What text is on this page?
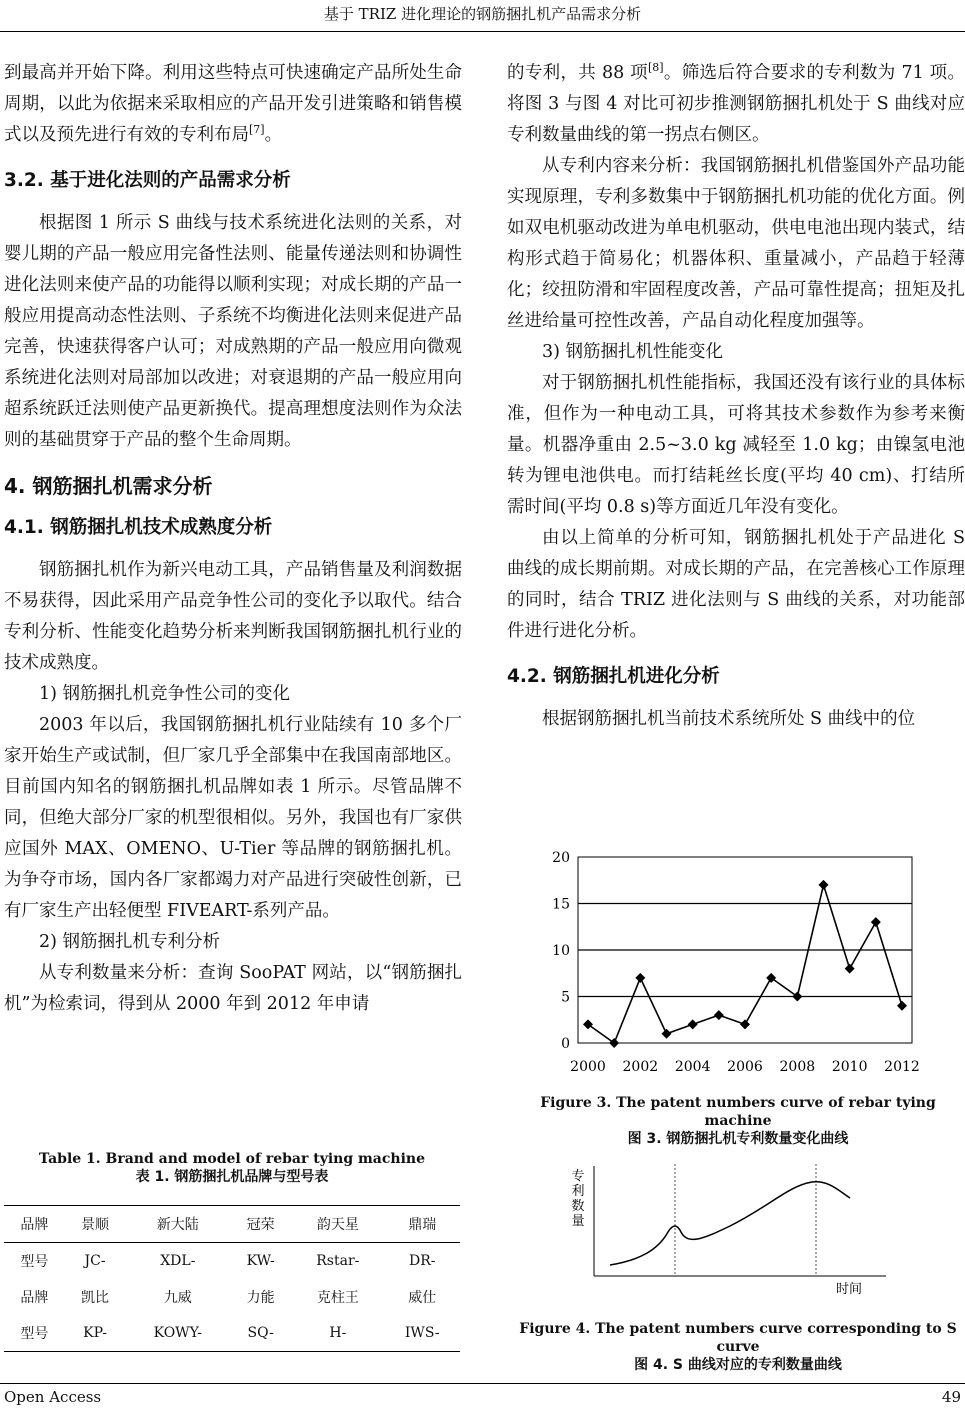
基于 TRIZ 进化理论的钢筋捆扎机产品需求分析

到最高并开始下降。利用这些特点可快速确定产品所处生命周期，以此为依据来采取相应的产品开发引进策略和销售模式以及预先进行有效的专利布局[7]。

3.2. 基于进化法则的产品需求分析

根据图 1 所示 S 曲线与技术系统进化法则的关系，对婴儿期的产品一般应用完备性法则、能量传递法则和协调性进化法则来使产品的功能得以顺利实现；对成长期的产品一般应用提高动态性法则、子系统不均衡进化法则来促进产品完善，快速获得客户认可；对成熟期的产品一般应用向微观系统进化法则对局部加以改进；对衰退期的产品一般应用向超系统跃迁法则使产品更新换代。提高理想度法则作为众法则的基础贯穿于产品的整个生命周期。

4. 钢筋捆扎机需求分析
4.1. 钢筋捆扎机技术成熟度分析

钢筋捆扎机作为新兴电动工具，产品销售量及利润数据不易获得，因此采用产品竞争性公司的变化予以取代。结合专利分析、性能变化趋势分析来判断我国钢筋捆扎机行业的技术成熟度。

1) 钢筋捆扎机竞争性公司的变化

2003 年以后，我国钢筋捆扎机行业陆续有 10 多个厂家开始生产或试制，但厂家几乎全部集中在我国南部地区。目前国内知名的钢筋捆扎机品牌如表 1 所示。尽管品牌不同，但绝大部分厂家的机型很相似。另外，我国也有厂家供应国外 MAX、OMENO、U-Tier 等品牌的钢筋捆扎机。为争夺市场，国内各厂家都竭力对产品进行突破性创新，已有厂家生产出轻便型 FIVEART-系列产品。

2) 钢筋捆扎机专利分析

从专利数量来分析：查询 SooPAT 网站，以“钢筋捆扎机”为检索词，得到从 2000 年到 2012 年申请

Table 1. Brand and model of rebar tying machine
表 1. 钢筋捆扎机品牌与型号表
品牌	景顺	新大陆	冠荣	韵天星	鼎瑞
型号	JC-	XDL-	KW-	Rstar-	DR-
品牌	凯比	九威	力能	克柱王	威仕
型号	KP-	KOWY-	SQ-	H-	IWS-

的专利，共 88 项[8]。筛选后符合要求的专利数为 71 项。将图 3 与图 4 对比可初步推测钢筋捆扎机处于 S 曲线对应专利数量曲线的第一拐点右侧区。

从专利内容来分析：我国钢筋捆扎机借鉴国外产品功能实现原理，专利多数集中于钢筋捆扎机功能的优化方面。例如双电机驱动改进为单电机驱动，供电电池出现内装式，结构形式趋于简易化；机器体积、重量减小，产品趋于轻薄化；绞扭防滑和牢固程度改善，产品可靠性提高；扭矩及扎丝进给量可控性改善，产品自动化程度加强等。

3) 钢筋捆扎机性能变化

对于钢筋捆扎机性能指标，我国还没有该行业的具体标准，但作为一种电动工具，可将其技术参数作为参考来衡量。机器净重由 2.5~3.0 kg 减轻至 1.0 kg；由镍氢电池转为锂电池供电。而打结耗丝长度(平均 40 cm)、打结所需时间(平均 0.8 s)等方面近几年没有变化。

由以上简单的分析可知，钢筋捆扎机处于产品进化 S 曲线的成长期前期。对成长期的产品，在完善核心工作原理的同时，结合 TRIZ 进化法则与 S 曲线的关系，对功能部件进行进化分析。

4.2. 钢筋捆扎机进化分析

根据钢筋捆扎机当前技术系统所处 S 曲线中的位

0
5
10
15
20
2000 2002 2004 2006 2008 2010 2012
Figure 3. The patent numbers curve of rebar tying machine
图 3. 钢筋捆扎机专利数量变化曲线
专利数量
时间
Figure 4. The patent numbers curve corresponding to S curve
图 4. S 曲线对应的专利数量曲线
Open Access	49
